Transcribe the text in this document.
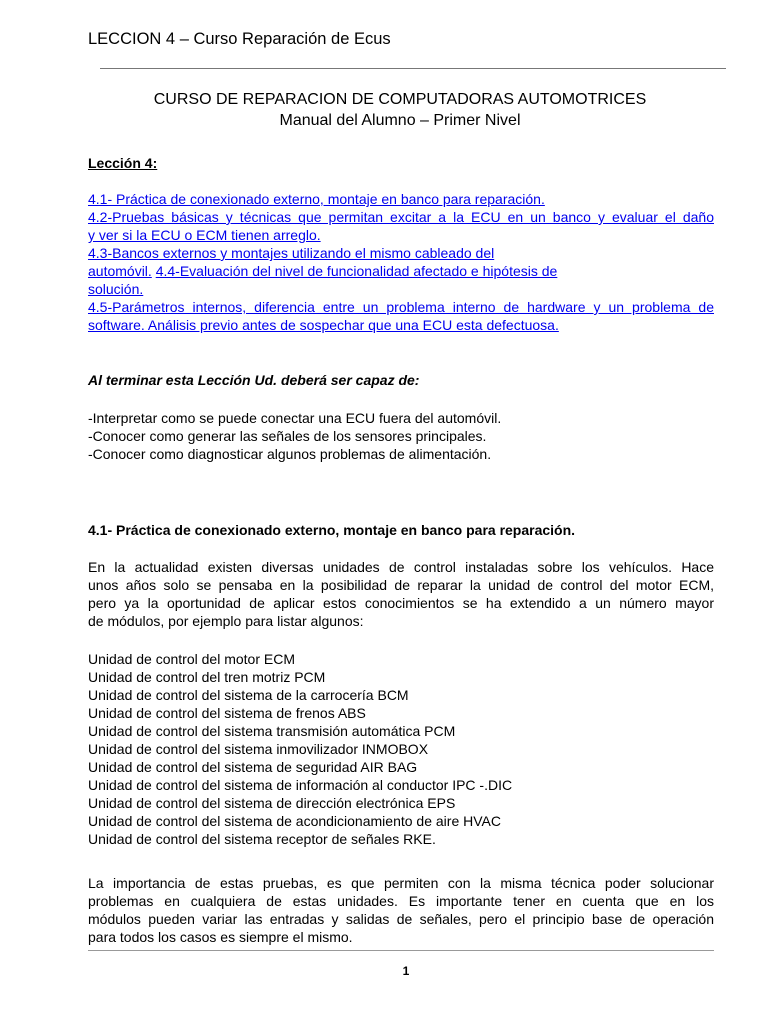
LECCION 4 – Curso Reparación de Ecus
CURSO DE REPARACION DE COMPUTADORAS AUTOMOTRICES
Manual del Alumno – Primer Nivel
Lección 4:
4.1- Práctica de conexionado externo, montaje en banco para reparación.
4.2-Pruebas básicas y técnicas que permitan excitar a la ECU en un banco y evaluar el daño
y ver si la ECU o ECM tienen arreglo.
4.3-Bancos externos y montajes utilizando el mismo cableado del
automóvil. 4.4-Evaluación del nivel de funcionalidad afectado e hipótesis de
solución.
4.5-Parámetros internos, diferencia entre un problema interno de hardware y un problema de
software. Análisis previo antes de sospechar que una ECU esta defectuosa.
Al terminar esta Lección Ud. deberá ser capaz de:
-Interpretar como se puede conectar una ECU fuera del automóvil.
-Conocer como generar las señales de los sensores principales.
-Conocer como diagnosticar algunos problemas de alimentación.
4.1- Práctica de conexionado externo, montaje en banco para reparación.
En la actualidad existen diversas unidades de control instaladas sobre los vehículos. Hace
unos años solo se pensaba en la posibilidad de reparar la unidad de control del motor ECM,
pero ya la oportunidad de aplicar estos conocimientos se ha extendido a un número mayor
de módulos, por ejemplo para listar algunos:
Unidad de control del motor ECM
Unidad de control del tren motriz PCM
Unidad de control del sistema de la carrocería BCM
Unidad de control del sistema de frenos ABS
Unidad de control del sistema transmisión automática PCM
Unidad de control del sistema inmovilizador INMOBOX
Unidad de control del sistema de seguridad AIR BAG
Unidad de control del sistema de información al conductor IPC -.DIC
Unidad de control del sistema de dirección electrónica EPS
Unidad de control del sistema de acondicionamiento de aire HVAC
Unidad de control del sistema receptor de señales RKE.
La importancia de estas pruebas, es que permiten con la misma técnica poder solucionar
problemas en cualquiera de estas unidades. Es importante tener en cuenta que en los
módulos pueden variar las entradas y salidas de señales, pero el principio base de operación
para todos los casos es siempre el mismo.
1
